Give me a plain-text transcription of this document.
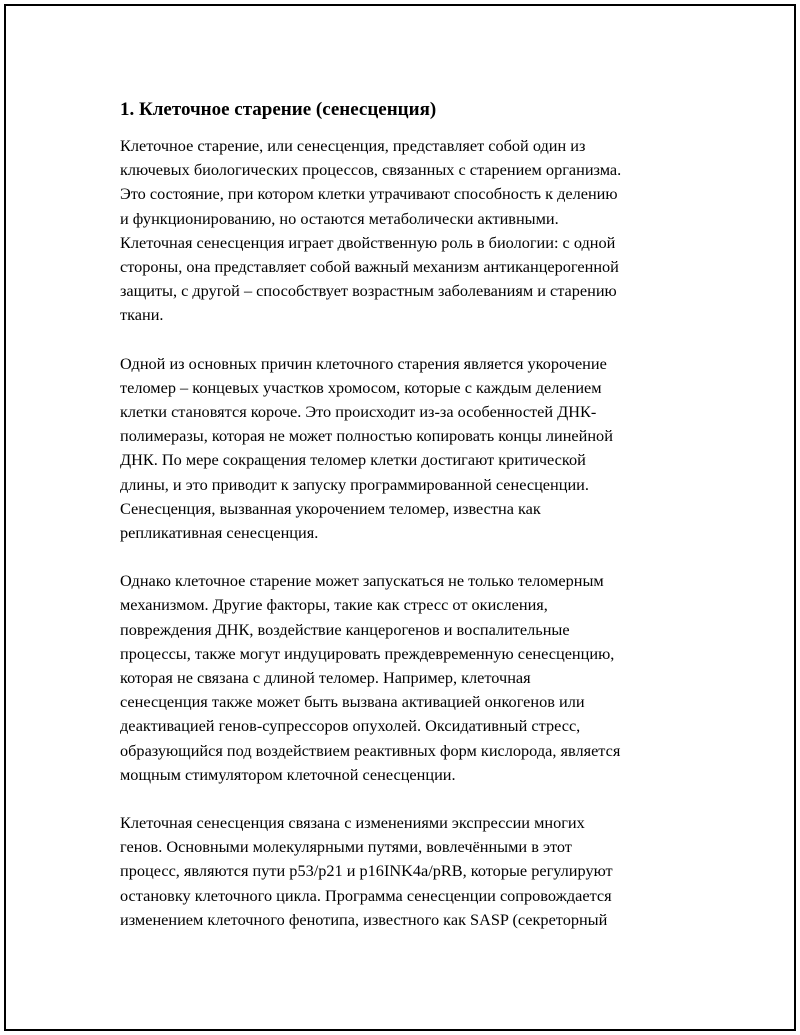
1. Клеточное старение (сенесценция)
Клеточное старение, или сенесценция, представляет собой один из
ключевых биологических процессов, связанных с старением организма.
Это состояние, при котором клетки утрачивают способность к делению
и функционированию, но остаются метаболически активными.
Клеточная сенесценция играет двойственную роль в биологии: с одной
стороны, она представляет собой важный механизм антиканцерогенной
защиты, с другой – способствует возрастным заболеваниям и старению
ткани.
Одной из основных причин клеточного старения является укорочение
теломер – концевых участков хромосом, которые с каждым делением
клетки становятся короче. Это происходит из-за особенностей ДНК-
полимеразы, которая не может полностью копировать концы линейной
ДНК. По мере сокращения теломер клетки достигают критической
длины, и это приводит к запуску программированной сенесценции.
Сенесценция, вызванная укорочением теломер, известна как
репликативная сенесценция.
Однако клеточное старение может запускаться не только теломерным
механизмом. Другие факторы, такие как стресс от окисления,
повреждения ДНК, воздействие канцерогенов и воспалительные
процессы, также могут индуцировать преждевременную сенесценцию,
которая не связана с длиной теломер. Например, клеточная
сенесценция также может быть вызвана активацией онкогенов или
деактивацией генов-супрессоров опухолей. Оксидативный стресс,
образующийся под воздействием реактивных форм кислорода, является
мощным стимулятором клеточной сенесценции.
Клеточная сенесценция связана с изменениями экспрессии многих
генов. Основными молекулярными путями, вовлечёнными в этот
процесс, являются пути p53/p21 и p16INK4a/pRB, которые регулируют
остановку клеточного цикла. Программа сенесценции сопровождается
изменением клеточного фенотипа, известного как SASP (секреторный
